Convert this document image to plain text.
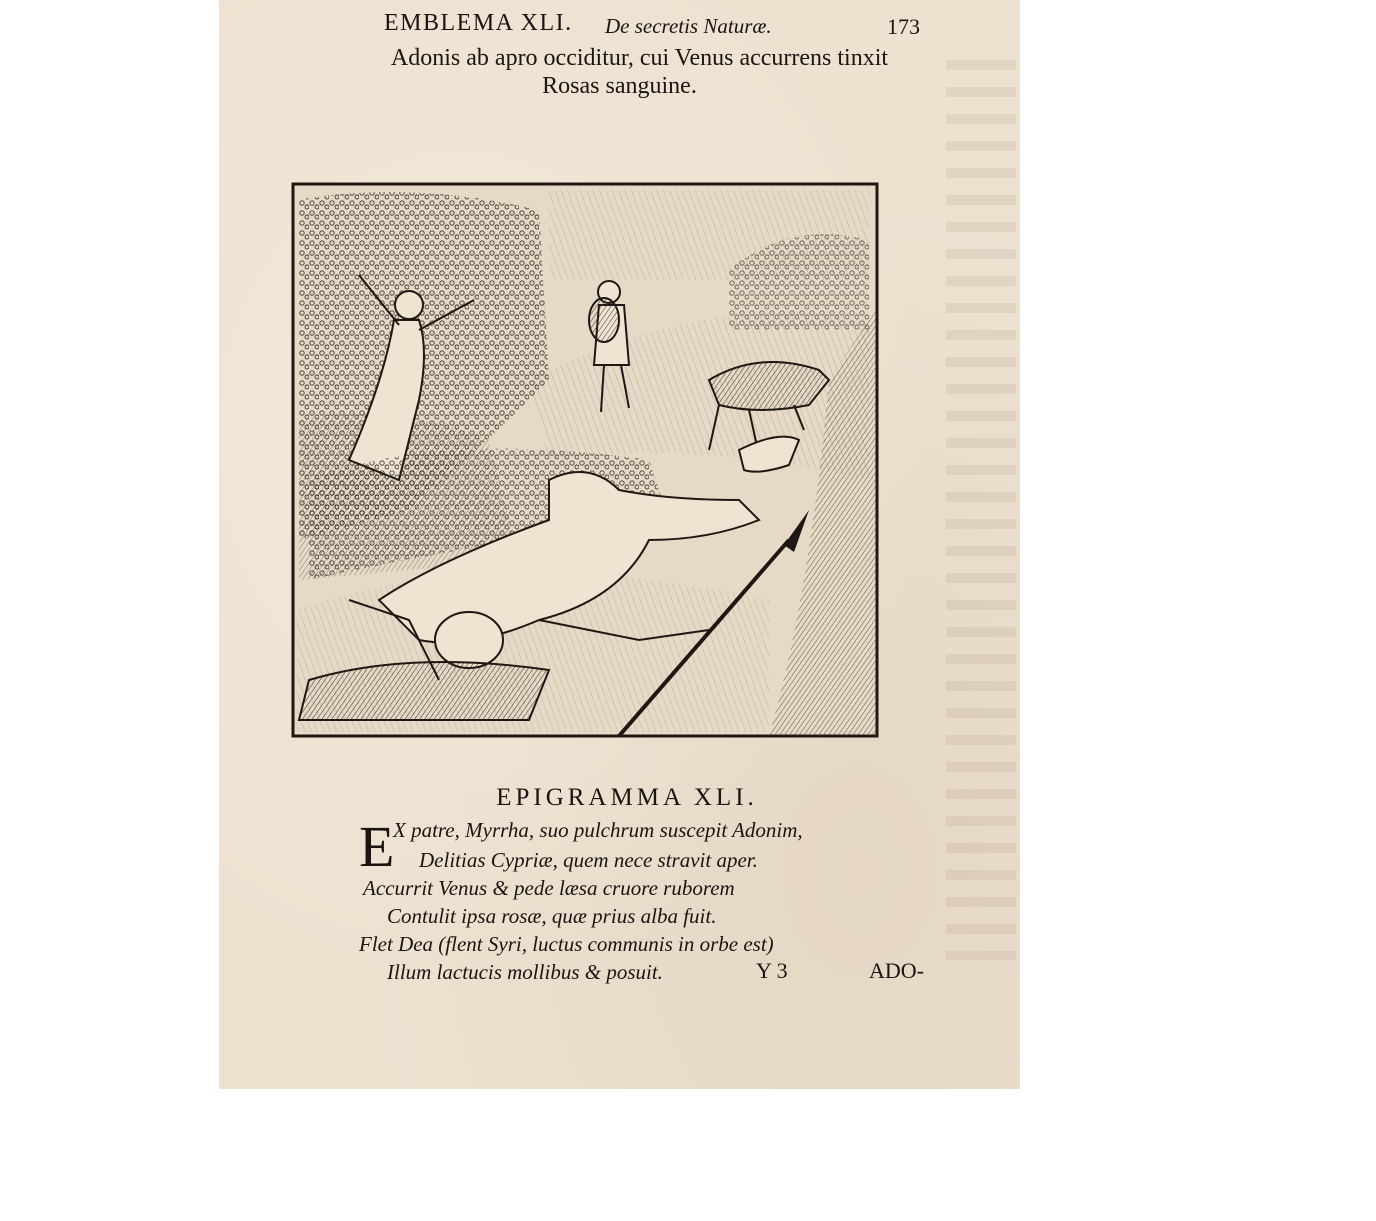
EMBLEMA XLI. De secretis Naturæ.	173
Adonis ab apro occiditur, cui Venus accurrens tinxit
Rosas sanguine.
EPIGRAMMA XLI.
E
X patre, Myrrha, suo pulchrum suscepit Adonim,
Delitias Cypriæ, quem nece stravit aper.
Accurrit Venus & pede læsa cruore ruborem
Contulit ipsa rosæ, quæ prius alba fuit.
Flet Dea (flent Syri, luctus communis in orbe est)
Illum lactucis mollibus & posuit.	Y 3	ADO-
